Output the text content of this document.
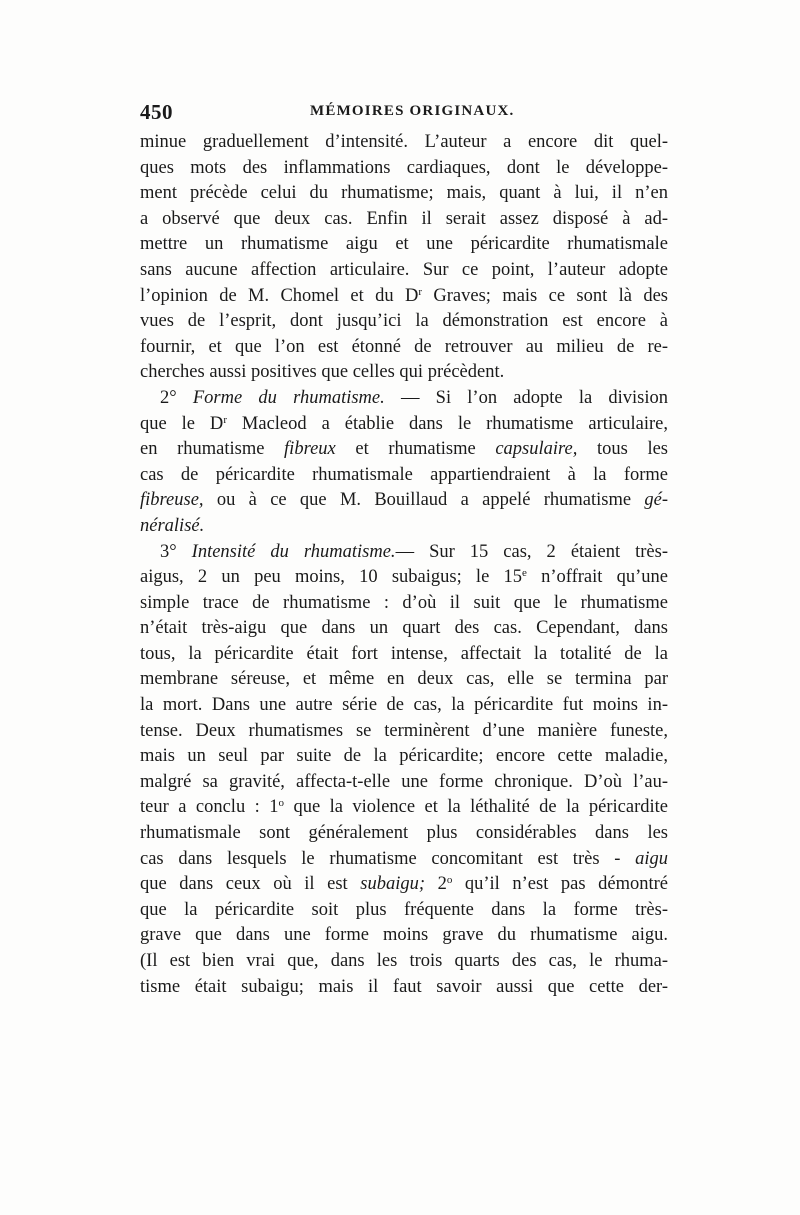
450	MÉMOIRES ORIGINAUX.
minue graduellement d’intensité. L’auteur a encore dit quel-
ques mots des inflammations cardiaques, dont le développe-
ment précède celui du rhumatisme; mais, quant à lui, il n’en
a observé que deux cas. Enfin il serait assez disposé à ad-
mettre un rhumatisme aigu et une péricardite rhumatismale
sans aucune affection articulaire. Sur ce point, l’auteur adopte
l’opinion de M. Chomel et du $D^r$ Graves; mais ce sont là des
vues de l’esprit, dont jusqu’ici la démonstration est encore à
fournir, et que l’on est étonné de retrouver au milieu de re-
cherches aussi positives que celles qui précèdent.
2° Forme du rhumatisme. — Si l’on adopte la division
que le $D^r$ Macleod a établie dans le rhumatisme articulaire,
en rhumatisme fibreux et rhumatisme capsulaire, tous les
cas de péricardite rhumatismale appartiendraient à la forme
fibreuse, ou à ce que M. Bouillaud a appelé rhumatisme gé-
néralisé.
3° Intensité du rhumatisme.— Sur 15 cas, 2 étaient très-
aigus, 2 un peu moins, 10 subaigus; le 15e n’offrait qu’une
simple trace de rhumatisme : d’où il suit que le rhumatisme
n’était très-aigu que dans un quart des cas. Cependant, dans
tous, la péricardite était fort intense, affectait la totalité de la
membrane séreuse, et même en deux cas, elle se termina par
la mort. Dans une autre série de cas, la péricardite fut moins in-
tense. Deux rhumatismes se terminèrent d’une manière funeste,
mais un seul par suite de la péricardite; encore cette maladie,
malgré sa gravité, affecta-t-elle une forme chronique. D’où l’au-
teur a conclu : 1$^o$ que la violence et la léthalité de la péricardite
rhumatismale sont généralement plus considérables dans les
cas dans lesquels le rhumatisme concomitant est très - aigu
que dans ceux où il est subaigu; 2$^o$ qu’il n’est pas démontré
que la péricardite soit plus fréquente dans la forme très-
grave que dans une forme moins grave du rhumatisme aigu.
(Il est bien vrai que, dans les trois quarts des cas, le rhuma-
tisme était subaigu; mais il faut savoir aussi que cette der-
